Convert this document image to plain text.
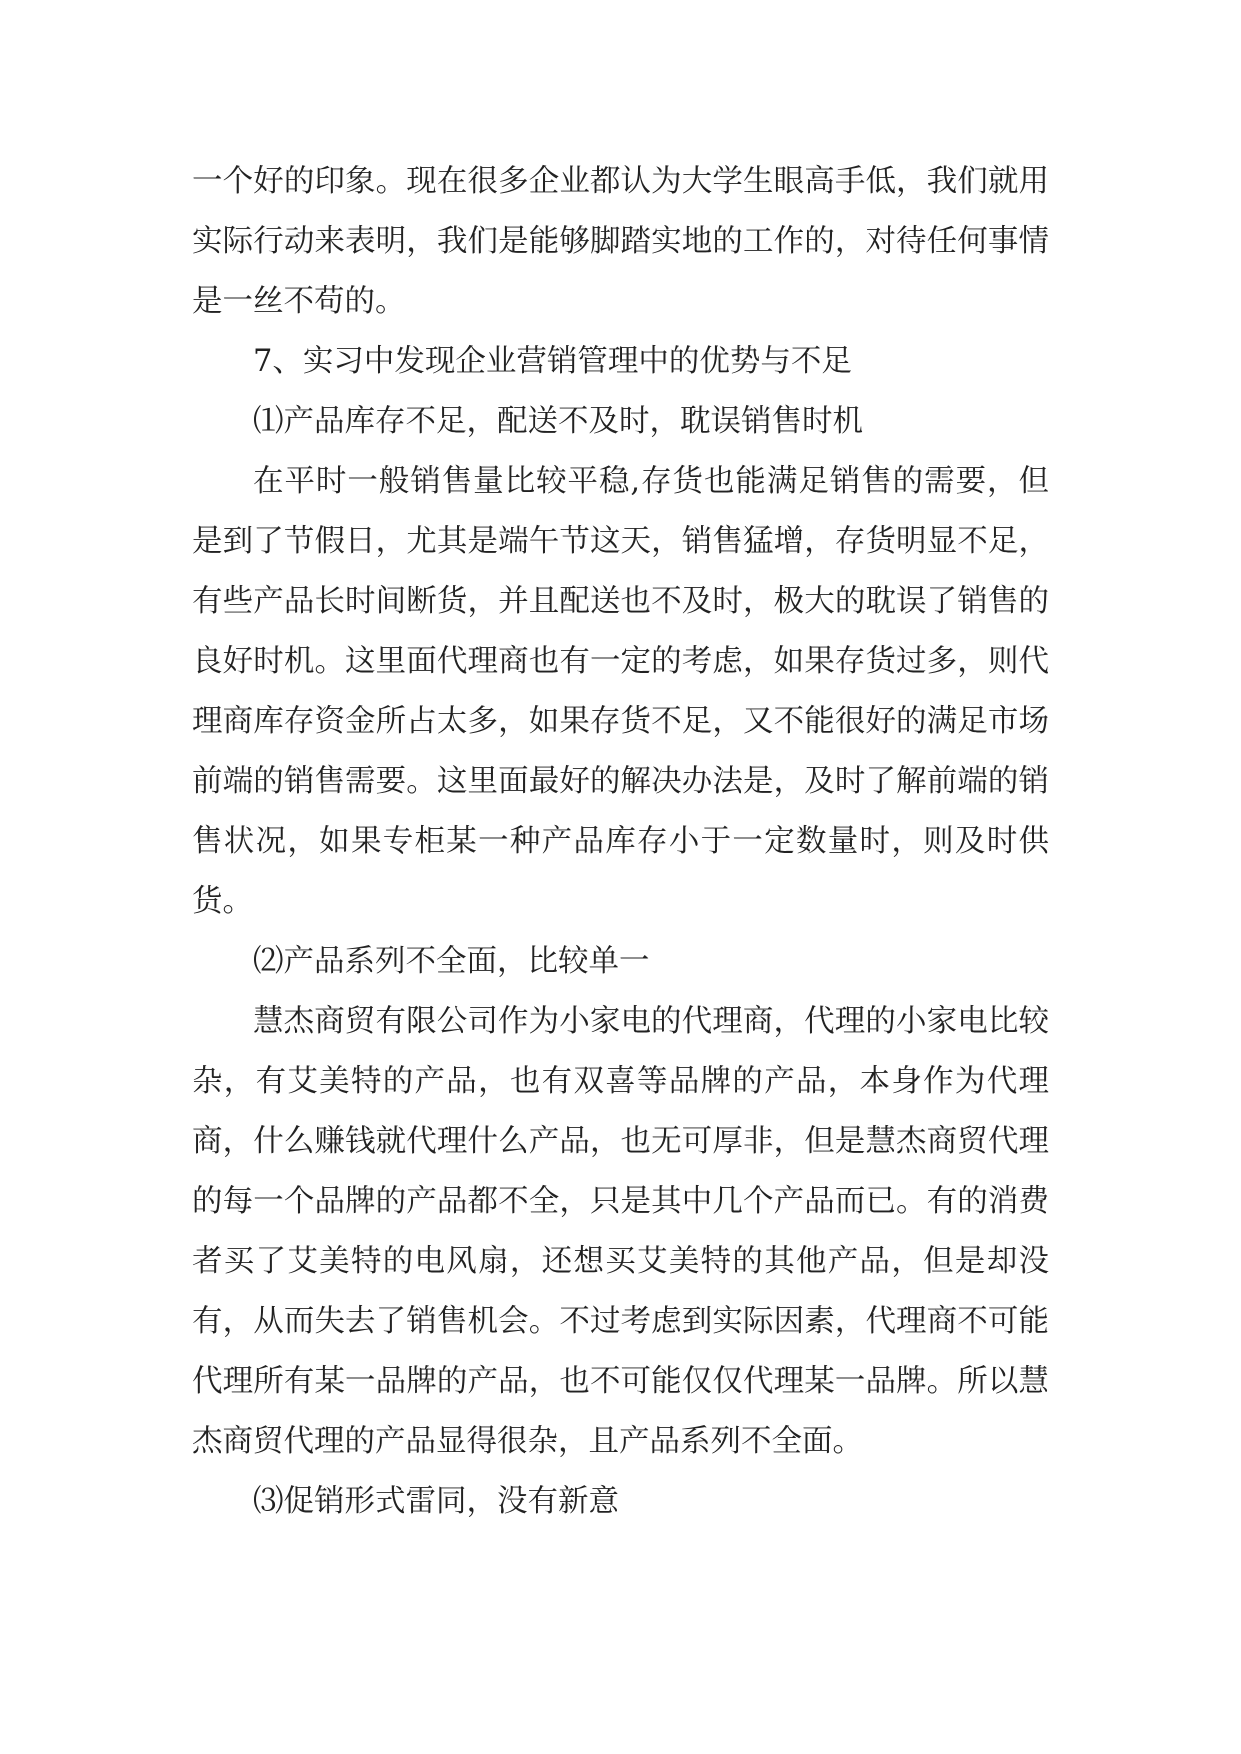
一个好的印象。现在很多企业都认为大学生眼高手低，我们就用实际行动来表明，我们是能够脚踏实地的工作的，对待任何事情是一丝不苟的。

7、实习中发现企业营销管理中的优势与不足

⑴产品库存不足，配送不及时，耽误销售时机

在平时一般销售量比较平稳,存货也能满足销售的需要，但是到了节假日，尤其是端午节这天，销售猛增，存货明显不足，有些产品长时间断货，并且配送也不及时，极大的耽误了销售的良好时机。这里面代理商也有一定的考虑，如果存货过多，则代理商库存资金所占太多，如果存货不足，又不能很好的满足市场前端的销售需要。这里面最好的解决办法是，及时了解前端的销售状况，如果专柜某一种产品库存小于一定数量时，则及时供货。

⑵产品系列不全面，比较单一

慧杰商贸有限公司作为小家电的代理商，代理的小家电比较杂，有艾美特的产品，也有双喜等品牌的产品，本身作为代理商，什么赚钱就代理什么产品，也无可厚非，但是慧杰商贸代理的每一个品牌的产品都不全，只是其中几个产品而已。有的消费者买了艾美特的电风扇，还想买艾美特的其他产品，但是却没有，从而失去了销售机会。不过考虑到实际因素，代理商不可能代理所有某一品牌的产品，也不可能仅仅代理某一品牌。所以慧杰商贸代理的产品显得很杂，且产品系列不全面。

⑶促销形式雷同，没有新意
